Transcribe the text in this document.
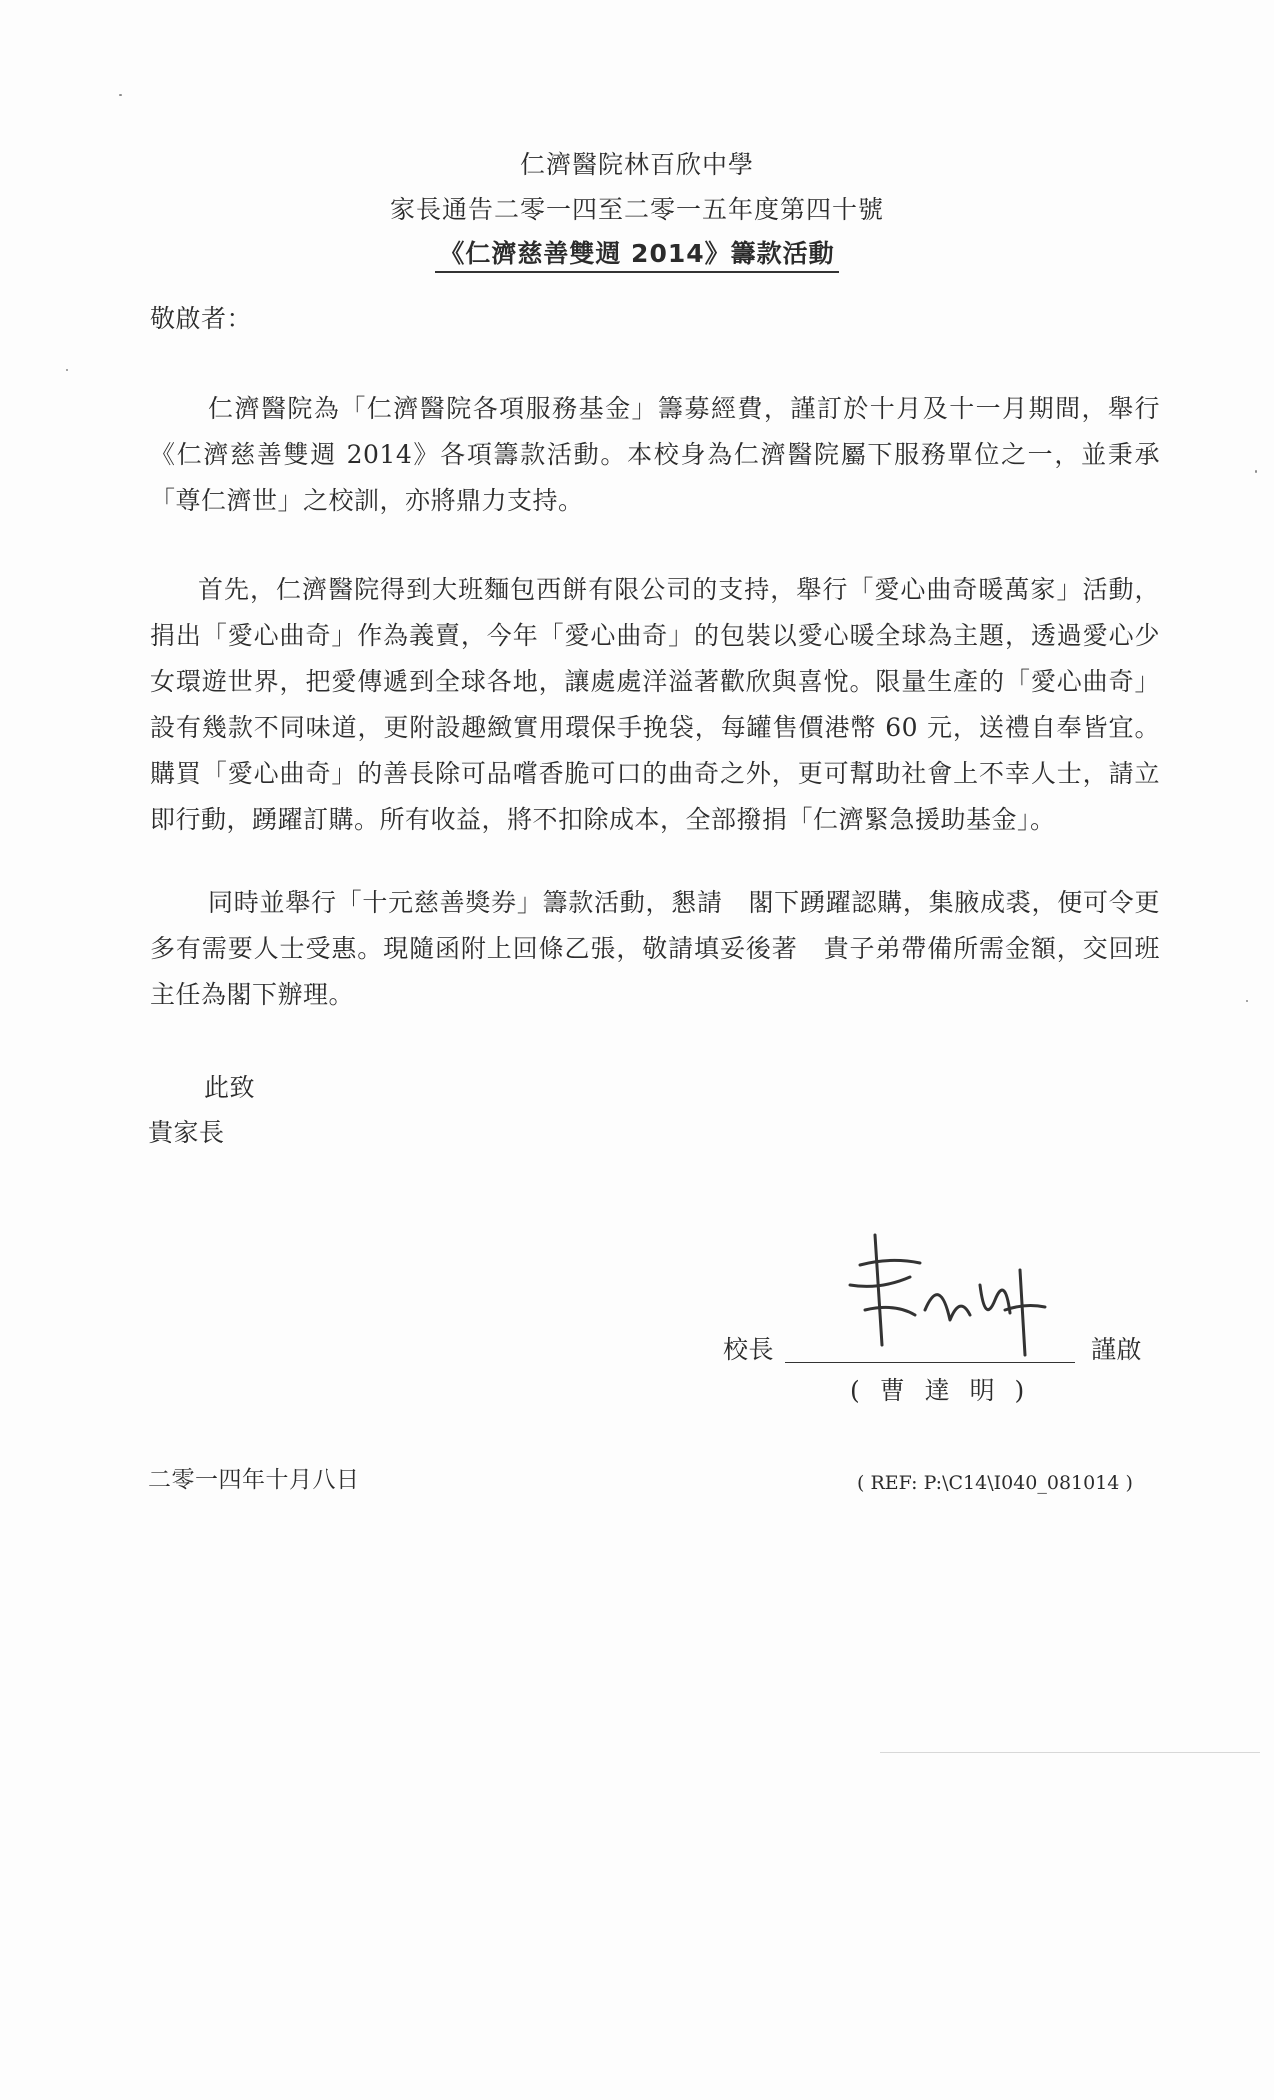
仁濟醫院林百欣中學
家長通告二零一四至二零一五年度第四十號
《仁濟慈善雙週 2014》籌款活動
敬啟者：
仁濟醫院為「仁濟醫院各項服務基金」籌募經費，謹訂於十月及十一月期間，舉行《仁濟慈善雙週 2014》各項籌款活動。本校身為仁濟醫院屬下服務單位之一，並秉承「尊仁濟世」之校訓，亦將鼎力支持。
首先，仁濟醫院得到大班麵包西餅有限公司的支持，舉行「愛心曲奇暖萬家」活動，捐出「愛心曲奇」作為義賣，今年「愛心曲奇」的包裝以愛心暖全球為主題，透過愛心少女環遊世界，把愛傳遞到全球各地，讓處處洋溢著歡欣與喜悅。限量生產的「愛心曲奇」設有幾款不同味道，更附設趣緻實用環保手挽袋，每罐售價港幣 60 元，送禮自奉皆宜。購買「愛心曲奇」的善長除可品嚐香脆可口的曲奇之外，更可幫助社會上不幸人士，請立即行動，踴躍訂購。所有收益，將不扣除成本，全部撥捐「仁濟緊急援助基金」。
同時並舉行「十元慈善獎券」籌款活動，懇請　閣下踴躍認購，集腋成裘，便可令更多有需要人士受惠。現隨函附上回條乙張，敬請填妥後著　貴子弟帶備所需金額，交回班主任為閣下辦理。
此致
貴家長
校長	謹啟
( 曹 達 明 )
二零一四年十月八日	( REF: P:\C14\I040_081014 )
